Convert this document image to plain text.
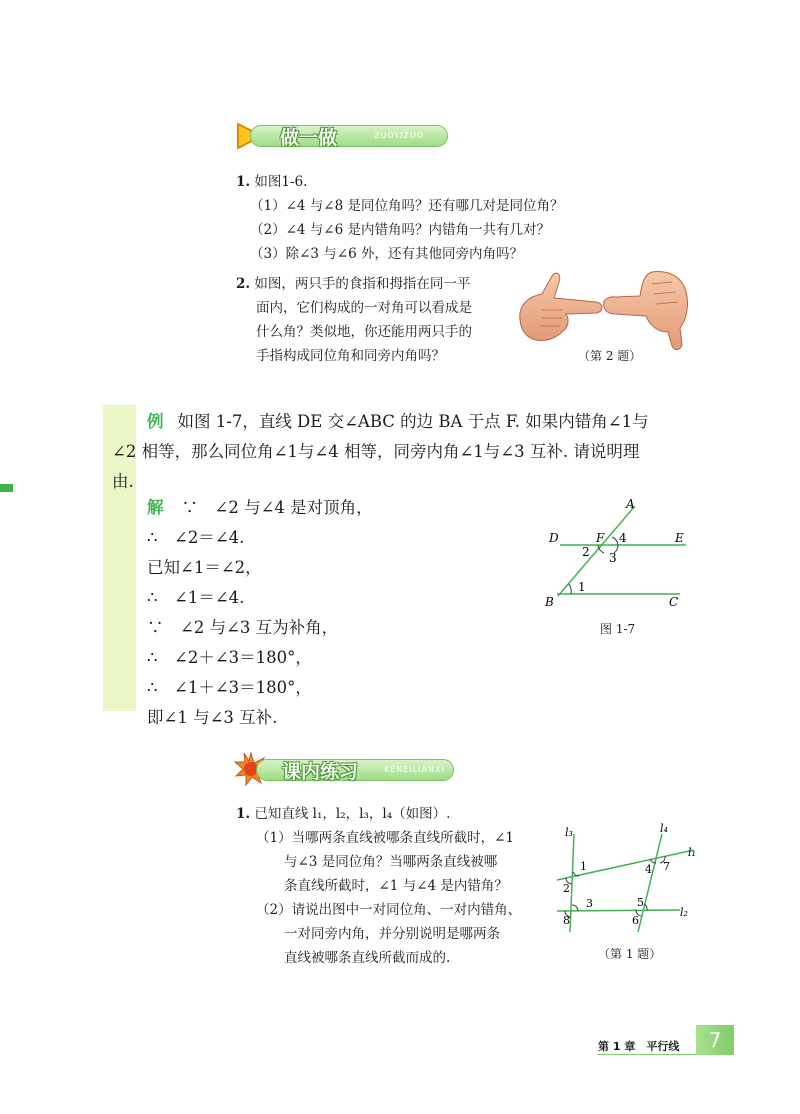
做一做	ZUOYIZUO
1. 如图1-6.
（1）∠4 与∠8 是同位角吗？还有哪几对是同位角？
（2）∠4 与∠6 是内错角吗？内错角一共有几对？
（3）除∠3 与∠6 外，还有其他同旁内角吗？
2. 如图，两只手的食指和拇指在同一平
面内，它们构成的一对角可以看成是
什么角？类似地，你还能用两只手的
手指构成同位角和同旁内角吗？	（第 2 题）
例 如图 1-7，直线 DE 交∠ABC 的边 BA 于点 F. 如果内错角∠1与
∠2 相等，那么同位角∠1与∠4 相等，同旁内角∠1与∠3 互补. 请说明理
由.
解 ∵　∠2 与∠4 是对顶角，
∴　∠2＝∠4.
已知∠1＝∠2，
∴　∠1＝∠4.
∵　∠2 与∠3 互为补角，
∴　∠2＋∠3＝180°，
∴　∠1＋∠3＝180°，
即∠1 与∠3 互补.
A
D	F	E
B	C
1
2 3
4
图 1-7
课内练习	KENEILIANXI
1. 已知直线 l₁，l₂，l₃，l₄（如图）.
（1）当哪两条直线被哪条直线所截时，∠1
与∠3 是同位角？当哪两条直线被哪
条直线所截时，∠1 与∠4 是内错角？
（2）请说出图中一对同位角、一对内错角、
一对同旁内角，并分别说明是哪两条
直线被哪条直线所截而成的.
l₃	l₄
l₁
l₂
1
2
3
4
5
6
7
8
（第 1 题）
第 1 章　平行线	7
